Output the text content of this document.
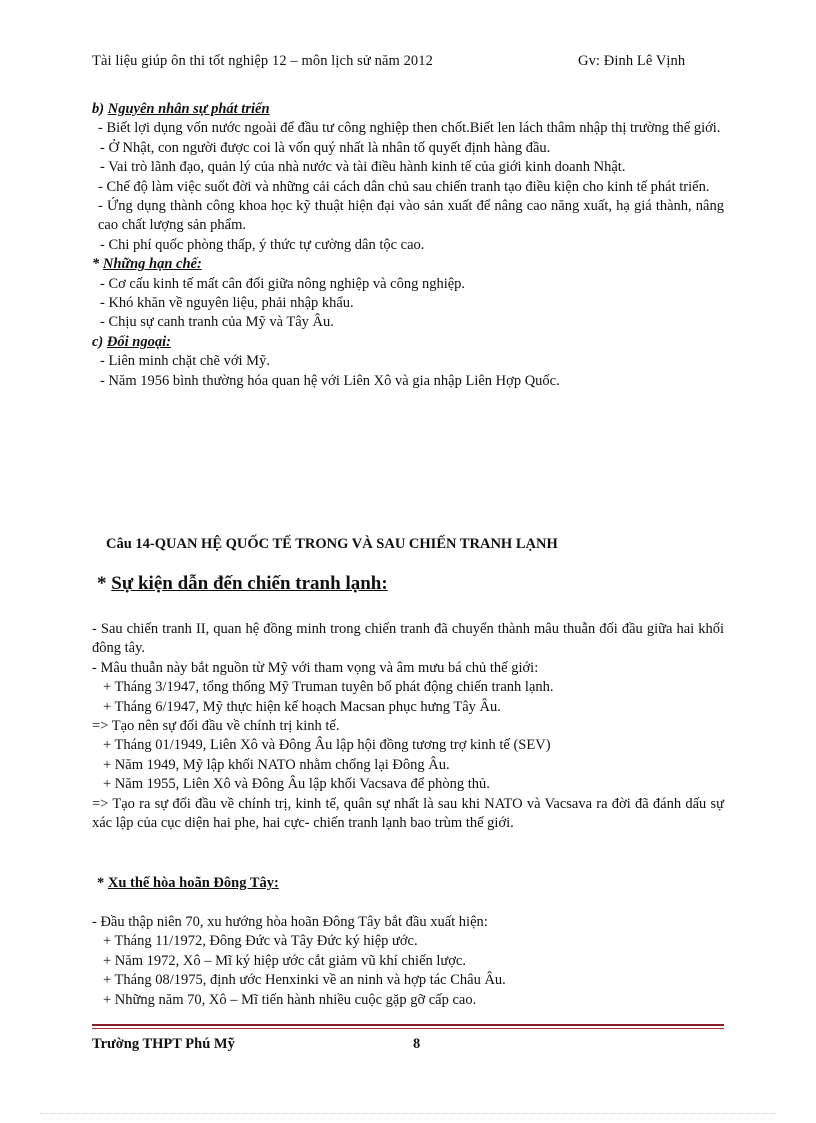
Tài liệu giúp ôn thi tốt nghiệp 12 – môn lịch sử năm 2012	Gv: Đinh Lê Vịnh
b) Nguyên nhân sự phát triển
- Biết lợi dụng vốn nước ngoài để đầu tư công nghiệp then chốt.Biết len lách thâm nhập thị trường thế giới.
- Ở Nhật, con người được coi là vốn quý nhất là nhân tố quyết định hàng đầu.
- Vai trò lãnh đạo, quản lý của nhà nước và tài điều hành kinh tế của giới kinh doanh Nhật.
- Chế độ làm việc suốt đời và những cải cách dân chủ sau chiến tranh tạo điều kiện cho kinh tế phát triển.
- Ứng dụng thành công khoa học kỹ thuật hiện đại vào sản xuất để nâng cao năng xuất, hạ giá thành, nâng cao chất lượng sản phẩm.
- Chi phí quốc phòng thấp, ý thức tự cường dân tộc cao.
* Những hạn chế:
- Cơ cấu kinh tế mất cân đối giữa nông nghiệp và công nghiệp.
- Khó khăn về nguyên liệu, phải nhập khẩu.
- Chịu sự canh tranh của Mỹ và Tây Âu.
c) Đối ngoại:
- Liên minh chặt chẽ với Mỹ.
- Năm 1956 bình thường hóa quan hệ với Liên Xô và gia nhập Liên Hợp Quốc.
Câu 14-QUAN HỆ QUỐC TẾ TRONG VÀ SAU CHIẾN TRANH LẠNH
* Sự kiện dẫn đến chiến tranh lạnh:
- Sau chiến tranh II, quan hệ đồng minh trong chiến tranh đã chuyển thành mâu thuẫn đối đầu giữa hai khối đông tây.
- Mâu thuẫn này bắt nguồn từ Mỹ với tham vọng và âm mưu bá chủ thế giới:
+ Tháng 3/1947, tổng thống Mỹ Truman tuyên bố phát động chiến tranh lạnh.
+ Tháng 6/1947, Mỹ thực hiện kế hoạch Macsan phục hưng Tây Âu.
=> Tạo nên sự đối đầu về chính trị kinh tế.
+ Tháng 01/1949, Liên Xô và Đông Âu lập hội đồng tương trợ kinh tế (SEV)
+ Năm 1949, Mỹ lập khối NATO nhằm chống lại Đông Âu.
+ Năm 1955, Liên Xô và Đông Âu lập khối Vacsava để phòng thủ.
=> Tạo ra sự đối đầu về chính trị, kinh tế, quân sự nhất là sau khi NATO và Vacsava ra đời đã đánh dấu sự xác lập của cục diện hai phe, hai cực- chiến tranh lạnh bao trùm thế giới.
* Xu thế hòa hoãn Đông Tây:
- Đầu thập niên 70, xu hướng hòa hoãn Đông Tây bắt đầu xuất hiện:
+ Tháng 11/1972, Đông Đức và Tây Đức ký hiệp ước.
+ Năm 1972, Xô – Mĩ ký hiệp ước cắt giảm vũ khí chiến lược.
+ Tháng 08/1975, định ước Henxinki về an ninh và hợp tác Châu Âu.
+ Những năm 70, Xô – Mĩ tiến hành nhiều cuộc gặp gỡ cấp cao.
Trường THPT Phú Mỹ	8
